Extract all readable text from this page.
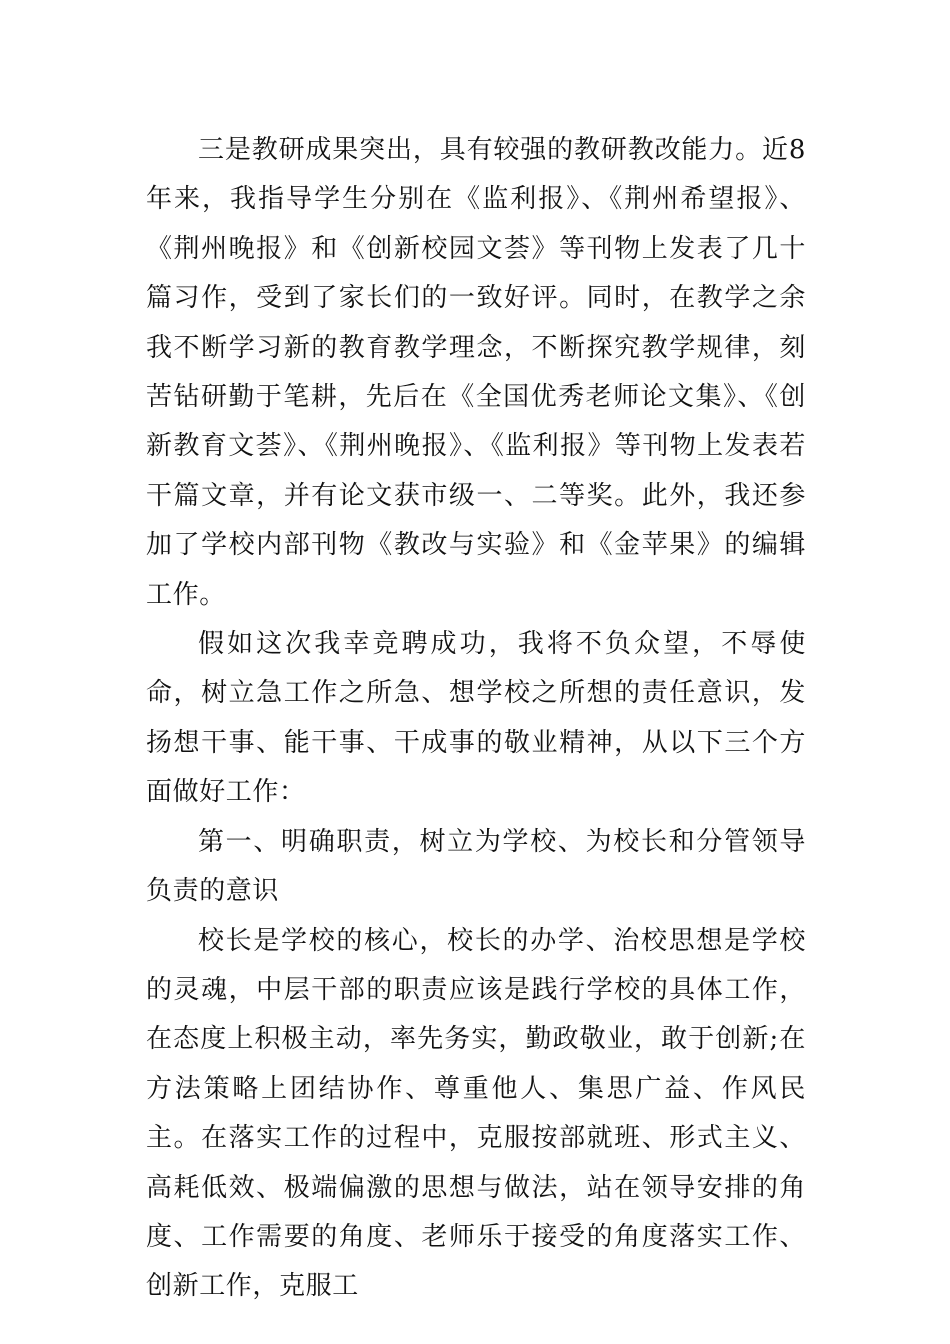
三是教研成果突出，具有较强的教研教改能力。近8年来，我指导学生分别在《监利报》、《荆州希望报》、《荆州晚报》和《创新校园文荟》等刊物上发表了几十篇习作，受到了家长们的一致好评。同时，在教学之余我不断学习新的教育教学理念，不断探究教学规律，刻苦钻研勤于笔耕，先后在《全国优秀老师论文集》、《创新教育文荟》、《荆州晚报》、《监利报》等刊物上发表若干篇文章，并有论文获市级一、二等奖。此外，我还参加了学校内部刊物《教改与实验》和《金苹果》的编辑工作。

假如这次我幸竞聘成功，我将不负众望，不辱使命，树立急工作之所急、想学校之所想的责任意识，发扬想干事、能干事、干成事的敬业精神，从以下三个方面做好工作：

第一、明确职责，树立为学校、为校长和分管领导负责的意识

校长是学校的核心，校长的办学、治校思想是学校的灵魂，中层干部的职责应该是践行学校的具体工作，在态度上积极主动，率先务实，勤政敬业，敢于创新;在方法策略上团结协作、尊重他人、集思广益、作风民主。在落实工作的过程中，克服按部就班、形式主义、高耗低效、极端偏激的思想与做法，站在领导安排的角度、工作需要的角度、老师乐于接受的角度落实工作、创新工作，克服工
